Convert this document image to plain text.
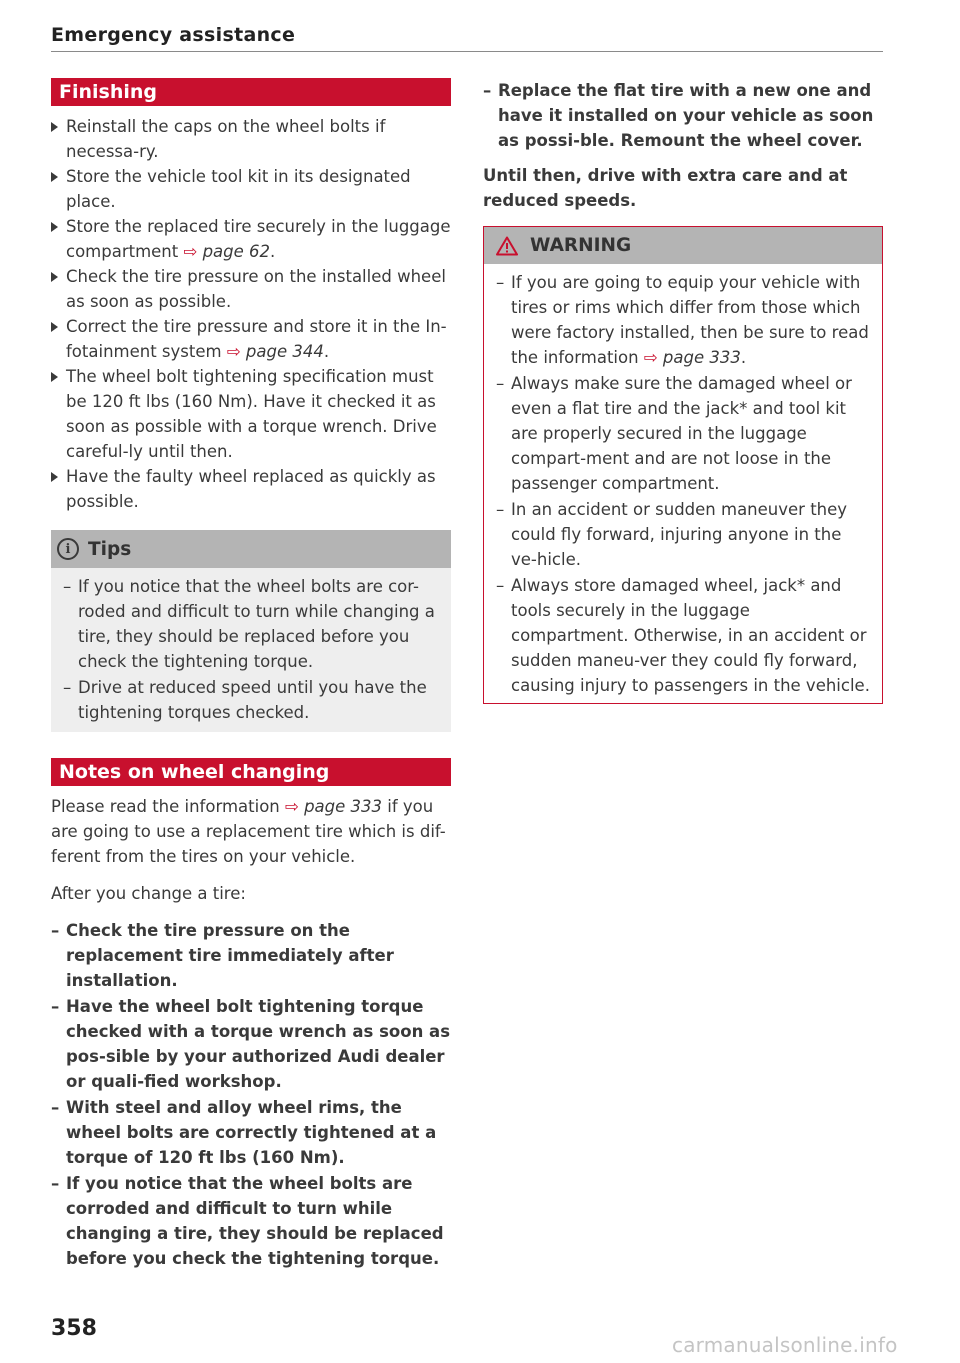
Emergency assistance
Finishing
Reinstall the caps on the wheel bolts if necessa-ry.
Store the vehicle tool kit in its designated place.
Store the replaced tire securely in the luggage compartment ⇨ page 62.
Check the tire pressure on the installed wheel as soon as possible.
Correct the tire pressure and store it in the In-fotainment system ⇨ page 344.
The wheel bolt tightening specification must be 120 ft lbs (160 Nm). Have it checked it as soon as possible with a torque wrench. Drive careful-ly until then.
Have the faulty wheel replaced as quickly as possible.
i Tips
– If you notice that the wheel bolts are cor-roded and difficult to turn while changing a tire, they should be replaced before you check the tightening torque.
– Drive at reduced speed until you have the tightening torques checked.
Notes on wheel changing

Please read the information ⇨ page 333 if you are going to use a replacement tire which is dif-ferent from the tires on your vehicle.

After you change a tire:

– Check the tire pressure on the replacement tire immediately after installation.
– Have the wheel bolt tightening torque checked with a torque wrench as soon as pos-sible by your authorized Audi dealer or quali-fied workshop.
– With steel and alloy wheel rims, the wheel bolts are correctly tightened at a torque of 120 ft lbs (160 Nm).
– If you notice that the wheel bolts are corroded and difficult to turn while changing a tire, they should be replaced before you check the tightening torque.
– Replace the flat tire with a new one and have it installed on your vehicle as soon as possi-ble. Remount the wheel cover.

Until then, drive with extra care and at reduced speeds.

WARNING
– If you are going to equip your vehicle with tires or rims which differ from those which were factory installed, then be sure to read the information ⇨ page 333.
– Always make sure the damaged wheel or even a flat tire and the jack* and tool kit are properly secured in the luggage compart-ment and are not loose in the passenger compartment.
– In an accident or sudden maneuver they could fly forward, injuring anyone in the ve-hicle.
– Always store damaged wheel, jack* and tools securely in the luggage compartment. Otherwise, in an accident or sudden maneu-ver they could fly forward, causing injury to passengers in the vehicle.
358
carmanualsonline.info
